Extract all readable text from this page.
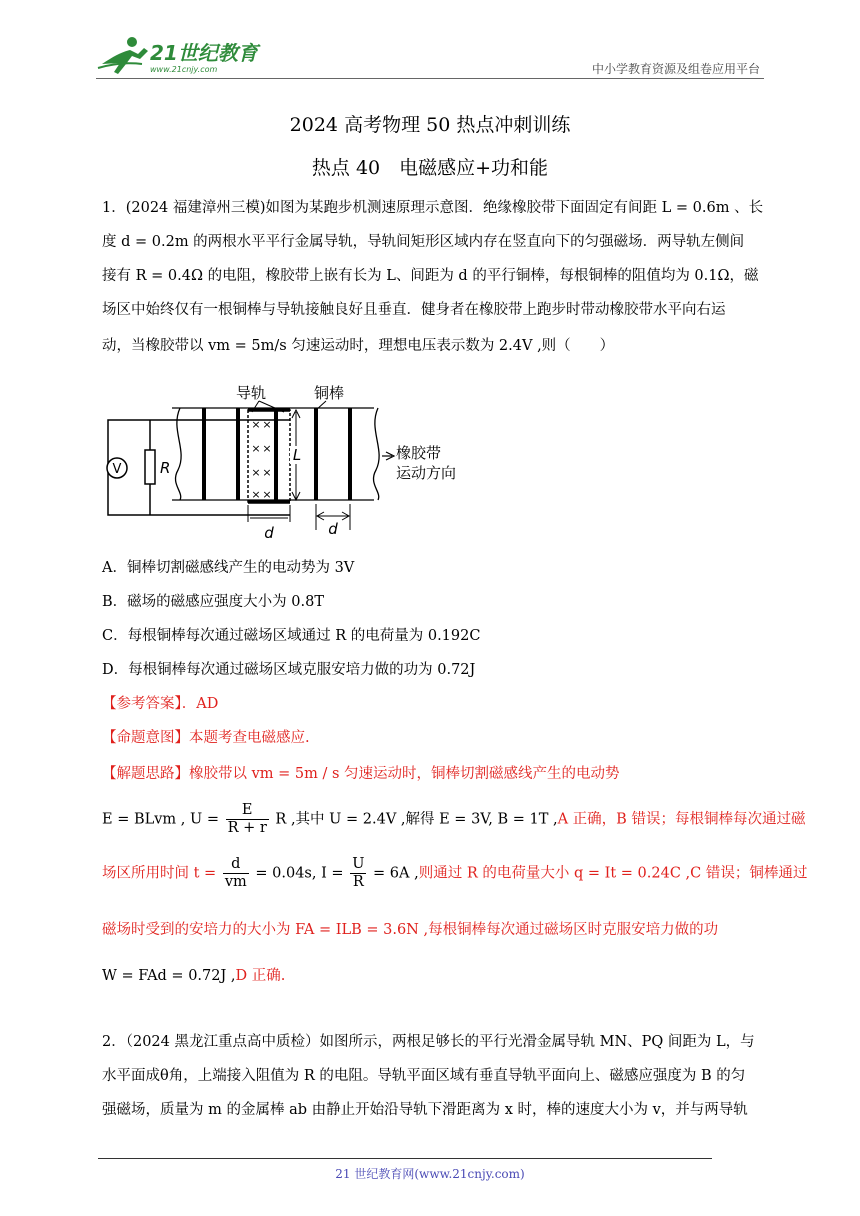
21世纪教育
www.21cnjy.com	中小学教育资源及组卷应用平台
2024 高考物理 50 热点冲刺训练
热点 40　电磁感应+功和能
1．(2024 福建漳州三模)如图为某跑步机测速原理示意图．绝缘橡胶带下面固定有间距 L = 0.6m 、长
度 d = 0.2m 的两根水平平行金属导轨，导轨间矩形区域内存在竖直向下的匀强磁场．两导轨左侧间
接有 R = 0.4Ω 的电阻，橡胶带上嵌有长为 L、间距为 d 的平行铜棒，每根铜棒的阻值均为 0.1Ω，磁
场区中始终仅有一根铜棒与导轨接触良好且垂直．健身者在橡胶带上跑步时带动橡胶带水平向右运
动，当橡胶带以 vm = 5m/s 匀速运动时，理想电压表示数为 2.4V ,则（　　）
V	R
×
×
×
×
×
×
×
×
L
d	d
导轨	铜棒
橡胶带
运动方向
A．铜棒切割磁感线产生的电动势为 3V
B．磁场的磁感应强度大小为 0.8T
C．每根铜棒每次通过磁场区域通过 R 的电荷量为 0.192C
D．每根铜棒每次通过磁场区域克服安培力做的功为 0.72J
【参考答案】．AD
【命题意图】本题考查电磁感应.
【解题思路】橡胶带以 vm = 5m / s 匀速运动时，铜棒切割磁感线产生的电动势
E = BLvm , $U = \frac{E}{R + r}$ R ,其中 U = 2.4V ,解得 E = 3V, B = 1T ,A 正确，B 错误；每根铜棒每次通过磁
场区所用时间 $t = \frac{d}{vm} = 0.04s$, $I = \frac{U}{R} = 6A$ ,则通过 R 的电荷量大小 q = It = 0.24C ,C 错误；铜棒通过
磁场时受到的安培力的大小为 FA = ILB = 3.6N ,每根铜棒每次通过磁场区时克服安培力做的功
W = FAd = 0.72J ,D 正确.
2．（2024 黑龙江重点高中质检）如图所示，两根足够长的平行光滑金属导轨 MN、PQ 间距为 L，与
水平面成θ角，上端接入阻值为 R 的电阻。导轨平面区域有垂直导轨平面向上、磁感应强度为 B 的匀
强磁场，质量为 m 的金属棒 ab 由静止开始沿导轨下滑距离为 x 时，棒的速度大小为 v，并与两导轨
21 世纪教育网(www.21cnjy.com)
